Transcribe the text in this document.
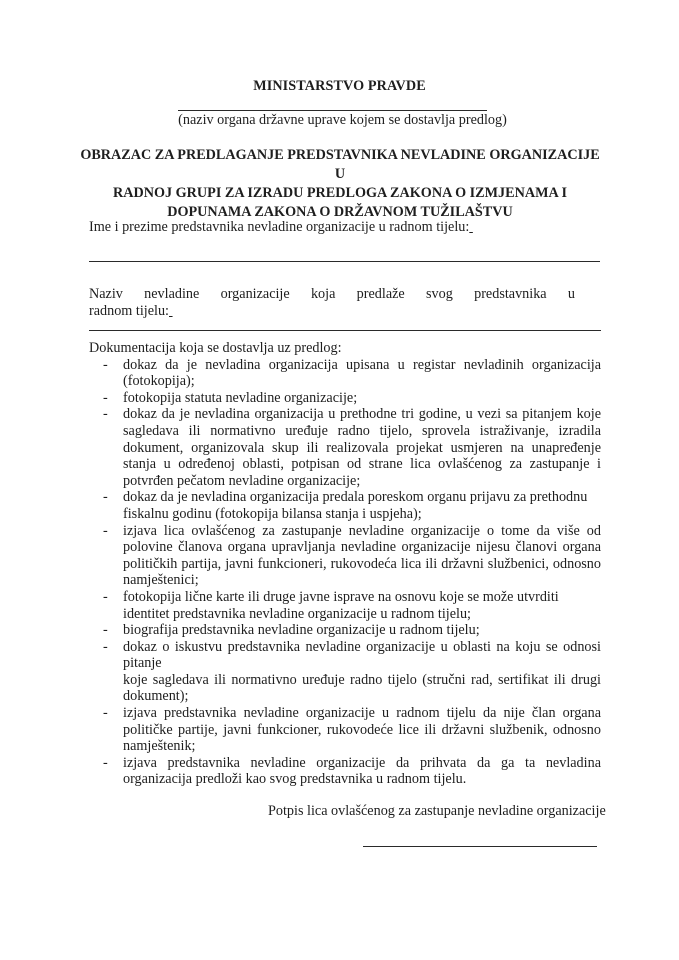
MINISTARSTVO PRAVDE
(naziv organa državne uprave kojem se dostavlja predlog)
OBRAZAC ZA PREDLAGANJE PREDSTAVNIKA NEVLADINE ORGANIZACIJE U
RADNOJ GRUPI ZA IZRADU PREDLOGA ZAKONA O IZMJENAMA I
DOPUNAMA ZAKONA O DRŽAVNOM TUŽILAŠTVU
Ime i prezime predstavnika nevladine organizacije u radnom tijelu:
Naziv nevladine organizacije koja predlaže svog predstavnika u
radnom tijelu:
Dokumentacija koja se dostavlja uz predlog:
- dokaz da je nevladina organizacija upisana u registar nevladinih organizacija (fotokopija);
- fotokopija statuta nevladine organizacije;
- dokaz da je nevladina organizacija u prethodne tri godine, u vezi sa pitanjem koje sagledava ili normativno uređuje radno tijelo, sprovela istraživanje, izradila dokument, organizovala skup ili realizovala projekat usmjeren na unapređenje stanja u određenoj oblasti, potpisan od strane lica ovlašćenog za zastupanje i potvrđen pečatom nevladine organizacije;
- dokaz da je nevladina organizacija predala poreskom organu prijavu za prethodnu fiskalnu godinu (fotokopija bilansa stanja i uspjeha);
- izjava lica ovlašćenog za zastupanje nevladine organizacije o tome da više od polovine članova organa upravljanja nevladine organizacije nijesu članovi organa političkih partija, javni funkcioneri, rukovodeća lica ili državni službenici, odnosno namještenici;
- fotokopija lične karte ili druge javne isprave na osnovu koje se može utvrditi identitet predstavnika nevladine organizacije u radnom tijelu;
- biografija predstavnika nevladine organizacije u radnom tijelu;
- dokaz o iskustvu predstavnika nevladine organizacije u oblasti na koju se odnosi pitanje
koje sagledava ili normativno uređuje radno tijelo (stručni rad, sertifikat ili drugi dokument);
- izjava predstavnika nevladine organizacije u radnom tijelu da nije član organa političke partije, javni funkcioner, rukovodeće lice ili državni službenik, odnosno namještenik;
- izjava predstavnika nevladine organizacije da prihvata da ga ta nevladina organizacija predloži kao svog predstavnika u radnom tijelu.
Potpis lica ovlašćenog za zastupanje nevladine organizacije
